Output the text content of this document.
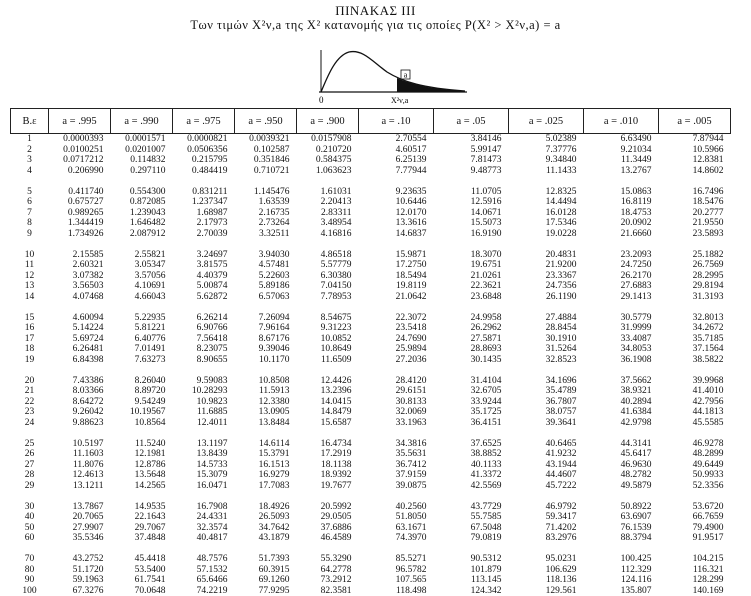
ΠΙΝΑΚΑΣ III
Των τιμών X²ν,a της X² κατανομής για τις οποίες P(X² > X²ν,a) = a
a
0	X²ν,a
Β.ε	a = .995	a = .990	a = .975	a = .950	a = .900	a = .10	a = .05	a = .025	a = .010	a = .005
1	0.0000393	0.0001571	0.0000821	0.0039321	0.0157908	2.70554	3.84146	5.02389	6.63490	7.87944
2	0.0100251	0.0201007	0.0506356	0.102587	0.210720	4.60517	5.99147	7.37776	9.21034	10.5966
3	0.0717212	0.114832	0.215795	0.351846	0.584375	6.25139	7.81473	9.34840	11.3449	12.8381
4	0.206990	0.297110	0.484419	0.710721	1.063623	7.77944	9.48773	11.1433	13.2767	14.8602

5	0.411740	0.554300	0.831211	1.145476	1.61031	9.23635	11.0705	12.8325	15.0863	16.7496
6	0.675727	0.872085	1.237347	1.63539	2.20413	10.6446	12.5916	14.4494	16.8119	18.5476
7	0.989265	1.239043	1.68987	2.16735	2.83311	12.0170	14.0671	16.0128	18.4753	20.2777
8	1.344419	1.646482	2.17973	2.73264	3.48954	13.3616	15.5073	17.5346	20.0902	21.9550
9	1.734926	2.087912	2.70039	3.32511	4.16816	14.6837	16.9190	19.0228	21.6660	23.5893

10	2.15585	2.55821	3.24697	3.94030	4.86518	15.9871	18.3070	20.4831	23.2093	25.1882
11	2.60321	3.05347	3.81575	4.57481	5.57779	17.2750	19.6751	21.9200	24.7250	26.7569
12	3.07382	3.57056	4.40379	5.22603	6.30380	18.5494	21.0261	23.3367	26.2170	28.2995
13	3.56503	4.10691	5.00874	5.89186	7.04150	19.8119	22.3621	24.7356	27.6883	29.8194
14	4.07468	4.66043	5.62872	6.57063	7.78953	21.0642	23.6848	26.1190	29.1413	31.3193

15	4.60094	5.22935	6.26214	7.26094	8.54675	22.3072	24.9958	27.4884	30.5779	32.8013
16	5.14224	5.81221	6.90766	7.96164	9.31223	23.5418	26.2962	28.8454	31.9999	34.2672
17	5.69724	6.40776	7.56418	8.67176	10.0852	24.7690	27.5871	30.1910	33.4087	35.7185
18	6.26481	7.01491	8.23075	9.39046	10.8649	25.9894	28.8693	31.5264	34.8053	37.1564
19	6.84398	7.63273	8.90655	10.1170	11.6509	27.2036	30.1435	32.8523	36.1908	38.5822

20	7.43386	8.26040	9.59083	10.8508	12.4426	28.4120	31.4104	34.1696	37.5662	39.9968
21	8.03366	8.89720	10.28293	11.5913	13.2396	29.6151	32.6705	35.4789	38.9321	41.4010
22	8.64272	9.54249	10.9823	12.3380	14.0415	30.8133	33.9244	36.7807	40.2894	42.7956
23	9.26042	10.19567	11.6885	13.0905	14.8479	32.0069	35.1725	38.0757	41.6384	44.1813
24	9.88623	10.8564	12.4011	13.8484	15.6587	33.1963	36.4151	39.3641	42.9798	45.5585

25	10.5197	11.5240	13.1197	14.6114	16.4734	34.3816	37.6525	40.6465	44.3141	46.9278
26	11.1603	12.1981	13.8439	15.3791	17.2919	35.5631	38.8852	41.9232	45.6417	48.2899
27	11.8076	12.8786	14.5733	16.1513	18.1138	36.7412	40.1133	43.1944	46.9630	49.6449
28	12.4613	13.5648	15.3079	16.9279	18.9392	37.9159	41.3372	44.4607	48.2782	50.9933
29	13.1211	14.2565	16.0471	17.7083	19.7677	39.0875	42.5569	45.7222	49.5879	52.3356

30	13.7867	14.9535	16.7908	18.4926	20.5992	40.2560	43.7729	46.9792	50.8922	53.6720
40	20.7065	22.1643	24.4331	26.5093	29.0505	51.8050	55.7585	59.3417	63.6907	66.7659
50	27.9907	29.7067	32.3574	34.7642	37.6886	63.1671	67.5048	71.4202	76.1539	79.4900
60	35.5346	37.4848	40.4817	43.1879	46.4589	74.3970	79.0819	83.2976	88.3794	91.9517

70	43.2752	45.4418	48.7576	51.7393	55.3290	85.5271	90.5312	95.0231	100.425	104.215
80	51.1720	53.5400	57.1532	60.3915	64.2778	96.5782	101.879	106.629	112.329	116.321
90	59.1963	61.7541	65.6466	69.1260	73.2912	107.565	113.145	118.136	124.116	128.299
100	67.3276	70.0648	74.2219	77.9295	82.3581	118.498	124.342	129.561	135.807	140.169
